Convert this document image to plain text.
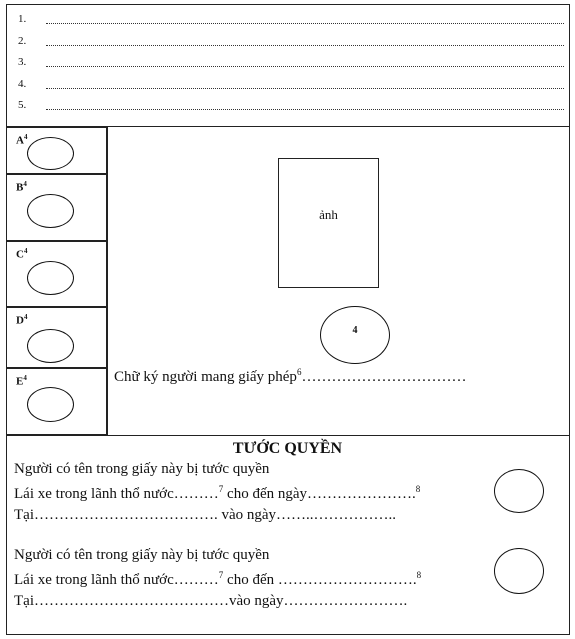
1.
2.
3.
4.
5.
$A^4$
$B^4$
$C^4$
$D^4$
$E^4$
ảnh
4
Chữ ký người mang giấy phép$^6$……………………………
TƯỚC QUYỀN
Người có tên trong giấy này bị tước quyền
Lái xe trong lãnh thổ nước………$^7$ cho đến ngày………………….$^8$
Tại………………………………. vào ngày……..……………..
Người có tên trong giấy này bị tước quyền
Lái xe trong lãnh thổ nước………$^7$ cho đến ……………………….$^8$
Tại…………………………………vào ngày…………………….
